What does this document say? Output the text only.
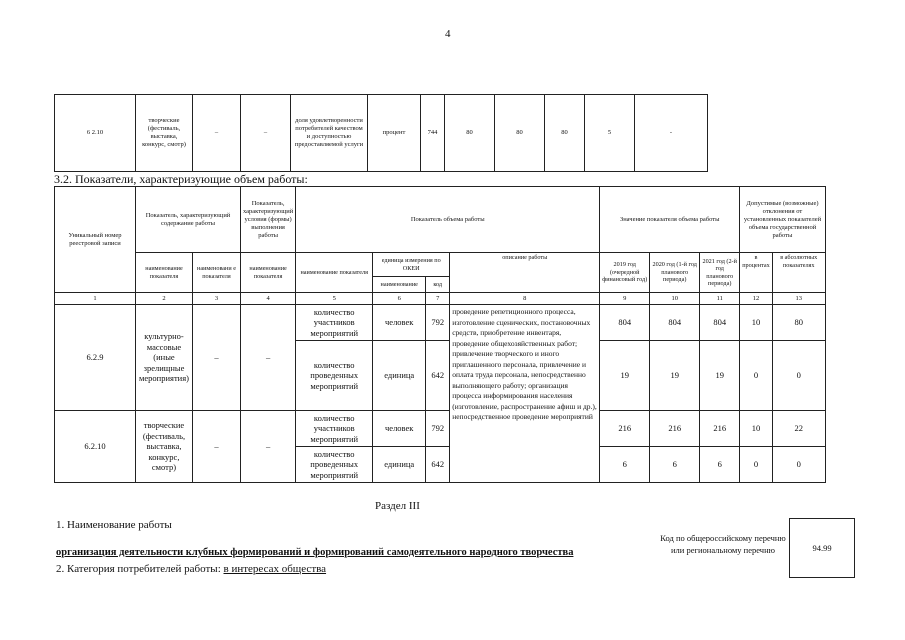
4
6 2.10	творческие (фестиваль, выставка, конкурс, смотр)	–	–	доля удовлетворенности потребителей качеством и доступностью предоставляемой услуги	процент	744	80	80	80	5	-
3.2. Показатели, характеризующие объем работы:
Уникальный номер реестровой записи	Показатель, характеризующий содержание работы		Показатель, характеризующий условия (формы) выполнения работы	Показатель объема работы				Значение показателя объема работы			Допустимые (возможные) отклонения от установленных показателей объема государственной работы	
	наименование показателя	наименовани е показателя	наименование показателя	наименование показателя	единица измерения по ОКЕИ		описание работы	2019 год (очередной финансовый год)	2020 год (1-й год планового периода)	2021 год (2-й год планового периода)	в процентах	в абсолютных показателях
					наименование	код						
1	2	3	4	5	6	7	8	9	10	11	12	13
6.2.9	культурно-массовые (иные зрелищные мероприятия)	–	–	количество участников мероприятий	человек	792	проведение репетиционного процесса, изготовление сценических, постановочных средств, приобретение инвентаря, проведение общехозяйственных работ; привлечение творческого и иного приглашенного персонала, привлечение и оплата труда персонала, непосредственно выполняющего работу; организация процесса информирования населения (изготовление, распространение афиш и др.), непосредственное проведение мероприятий	804	804	804	10	80
				количество проведенных мероприятий	единица	642		19	19	19	0	0
6.2.10	творческие (фестиваль, выставка, конкурс, смотр)	–	–	количество участников мероприятий	человек	792		216	216	216	10	22
				количество проведенных мероприятий	единица	642		6	6	6	0	0
Раздел III
1. Наименование работы
организация деятельности клубных формирований и формирований самодеятельного народного творчества
2. Категория потребителей работы: в интересах общества
Код по общероссийскому перечню или региональному перечню	94.99
